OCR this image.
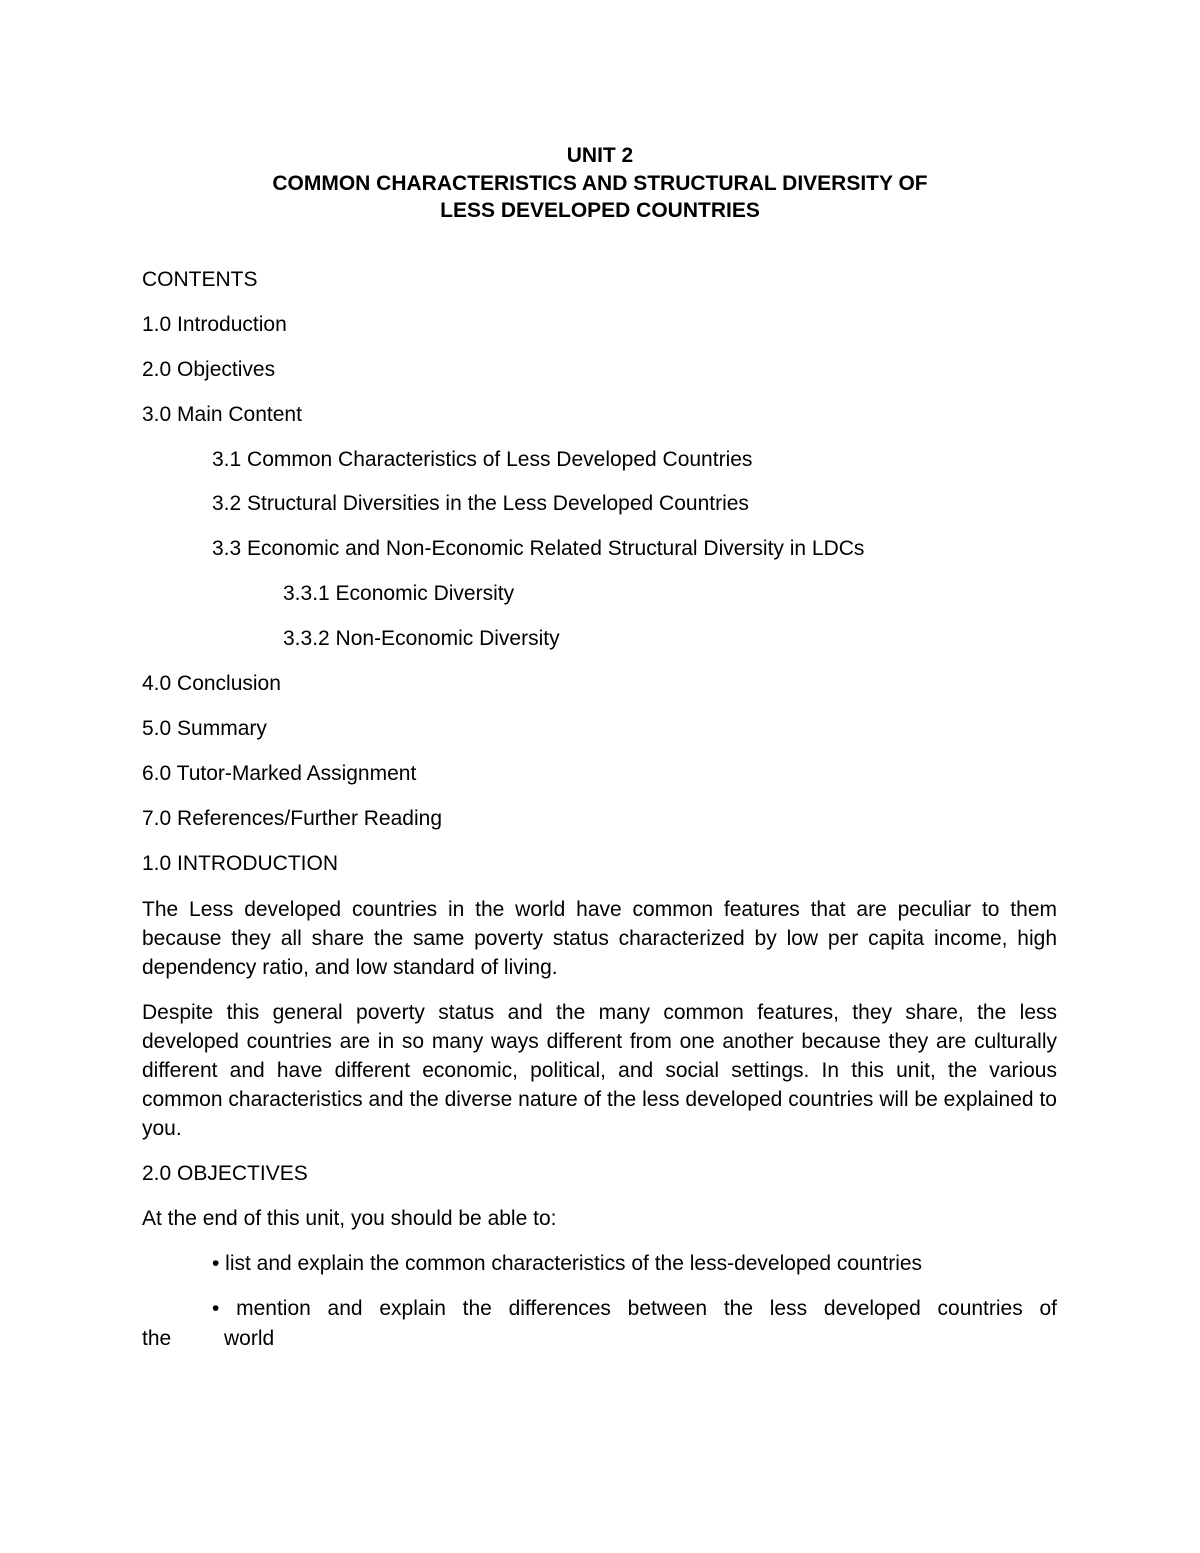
UNIT 2
COMMON CHARACTERISTICS AND STRUCTURAL DIVERSITY OF
LESS DEVELOPED COUNTRIES
CONTENTS
1.0 Introduction
2.0 Objectives
3.0 Main Content
3.1 Common Characteristics of Less Developed Countries
3.2 Structural Diversities in the Less Developed Countries
3.3 Economic and Non-Economic Related Structural Diversity in LDCs
3.3.1 Economic Diversity
3.3.2 Non-Economic Diversity
4.0 Conclusion
5.0 Summary
6.0 Tutor-Marked Assignment
7.0 References/Further Reading
1.0 INTRODUCTION
The Less developed countries in the world have common features that are peculiar to them because they all share the same poverty status characterized by low per capita income, high dependency ratio, and low standard of living.
Despite this general poverty status and the many common features, they share, the less developed countries are in so many ways different from one another because they are culturally different and have different economic, political, and social settings. In this unit, the various common characteristics and the diverse nature of the less developed countries will be explained to you.
2.0 OBJECTIVES
At the end of this unit, you should be able to:
• list and explain the common characteristics of the less-developed countries
• mention and explain the differences between the less developed countries of
the	world
